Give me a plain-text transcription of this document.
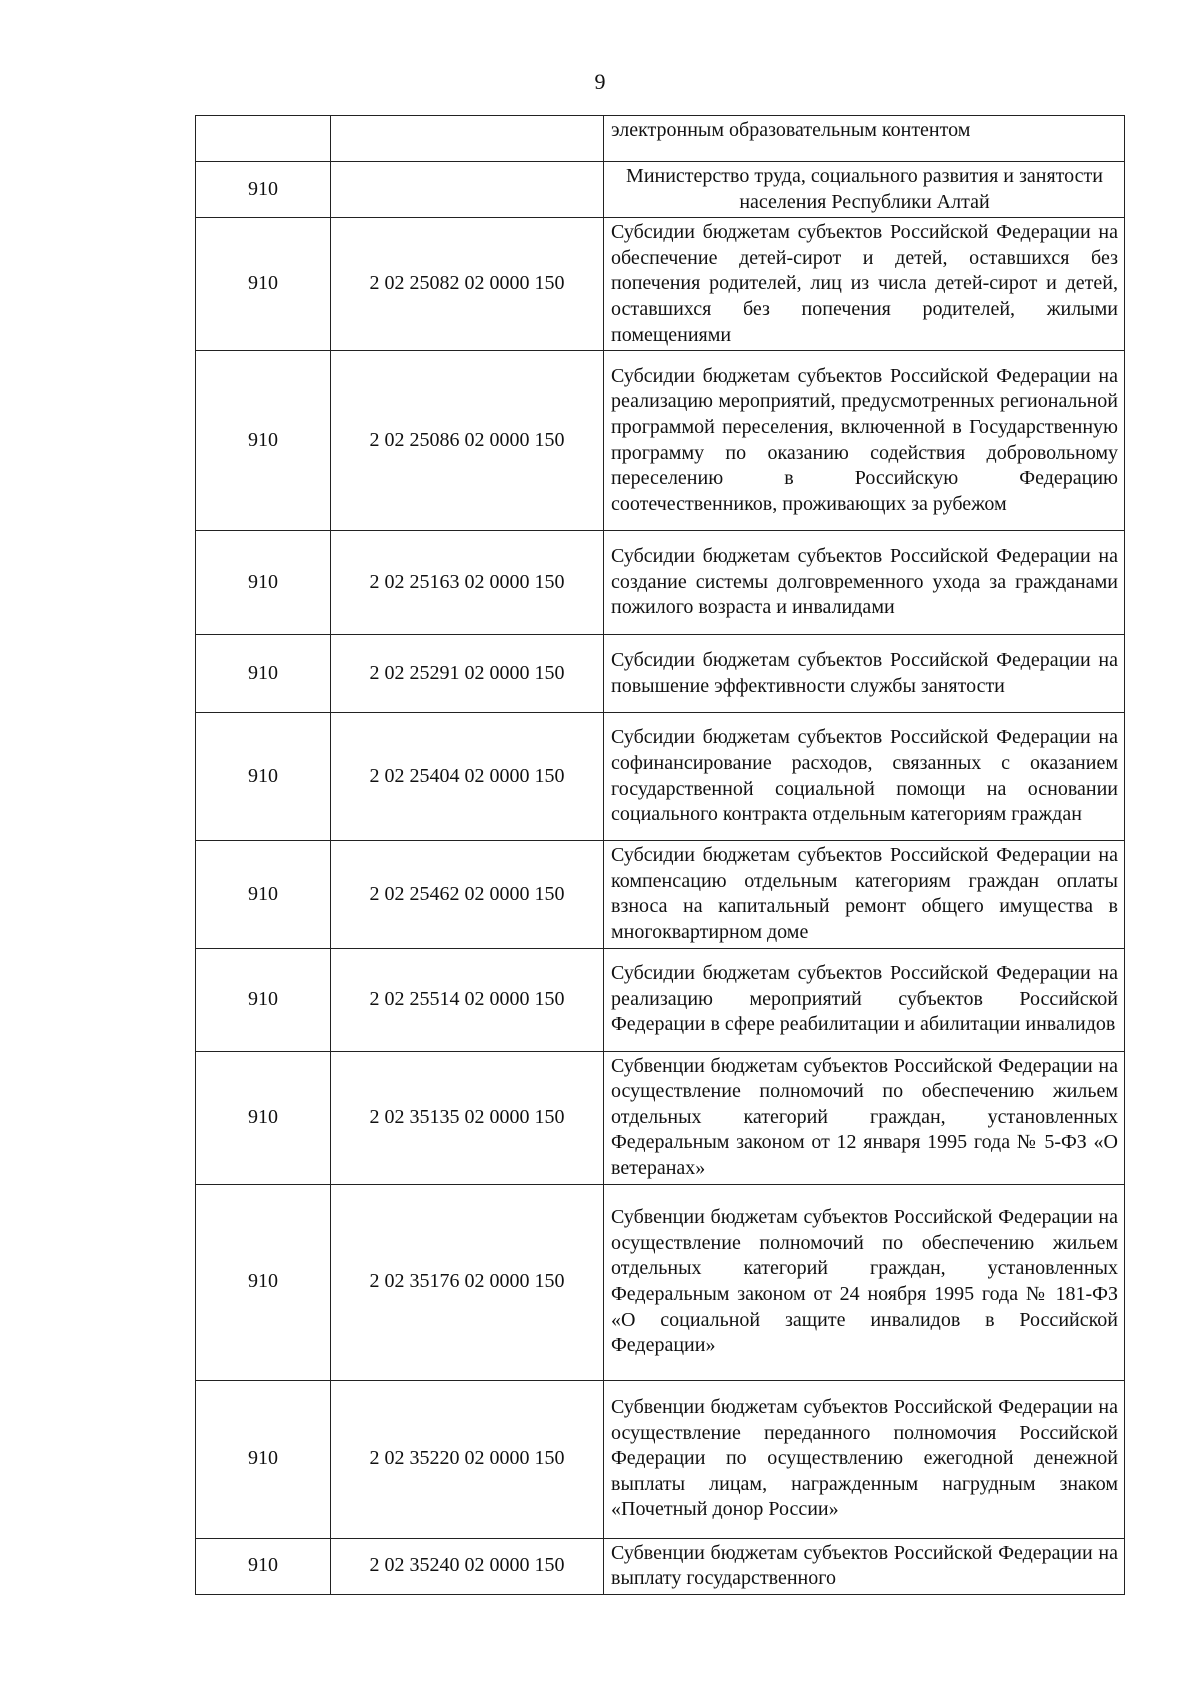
9
		электронным образовательным контентом
910		Министерство труда, социального развития и занятости населения Республики Алтай
910	2 02 25082 02 0000 150	Субсидии бюджетам субъектов Российской Федерации на обеспечение детей-сирот и детей, оставшихся без попечения родителей, лиц из числа детей-сирот и детей, оставшихся без попечения родителей, жилыми помещениями
910	2 02 25086 02 0000 150	Субсидии бюджетам субъектов Российской Федерации на реализацию мероприятий, предусмотренных региональной программой переселения, включенной в Государственную программу по оказанию содействия добровольному переселению в Российскую Федерацию соотечественников, проживающих за рубежом
910	2 02 25163 02 0000 150	Субсидии бюджетам субъектов Российской Федерации на создание системы долговременного ухода за гражданами пожилого возраста и инвалидами
910	2 02 25291 02 0000 150	Субсидии бюджетам субъектов Российской Федерации на повышение эффективности службы занятости
910	2 02 25404 02 0000 150	Субсидии бюджетам субъектов Российской Федерации на софинансирование расходов, связанных с оказанием государственной социальной помощи на основании социального контракта отдельным категориям граждан
910	2 02 25462 02 0000 150	Субсидии бюджетам субъектов Российской Федерации на компенсацию отдельным категориям граждан оплаты взноса на капитальный ремонт общего имущества в многоквартирном доме
910	2 02 25514 02 0000 150	Субсидии бюджетам субъектов Российской Федерации на реализацию мероприятий субъектов Российской Федерации в сфере реабилитации и абилитации инвалидов
910	2 02 35135 02 0000 150	Субвенции бюджетам субъектов Российской Федерации на осуществление полномочий по обеспечению жильем отдельных категорий граждан, установленных Федеральным законом от 12 января 1995 года № 5-ФЗ «О ветеранах»
910	2 02 35176 02 0000 150	Субвенции бюджетам субъектов Российской Федерации на осуществление полномочий по обеспечению жильем отдельных категорий граждан, установленных Федеральным законом от 24 ноября 1995 года № 181-ФЗ «О социальной защите инвалидов в Российской Федерации»
910	2 02 35220 02 0000 150	Субвенции бюджетам субъектов Российской Федерации на осуществление переданного полномочия Российской Федерации по осуществлению ежегодной денежной выплаты лицам, награжденным нагрудным знаком «Почетный донор России»
910	2 02 35240 02 0000 150	Субвенции бюджетам субъектов Российской Федерации на выплату государственного
